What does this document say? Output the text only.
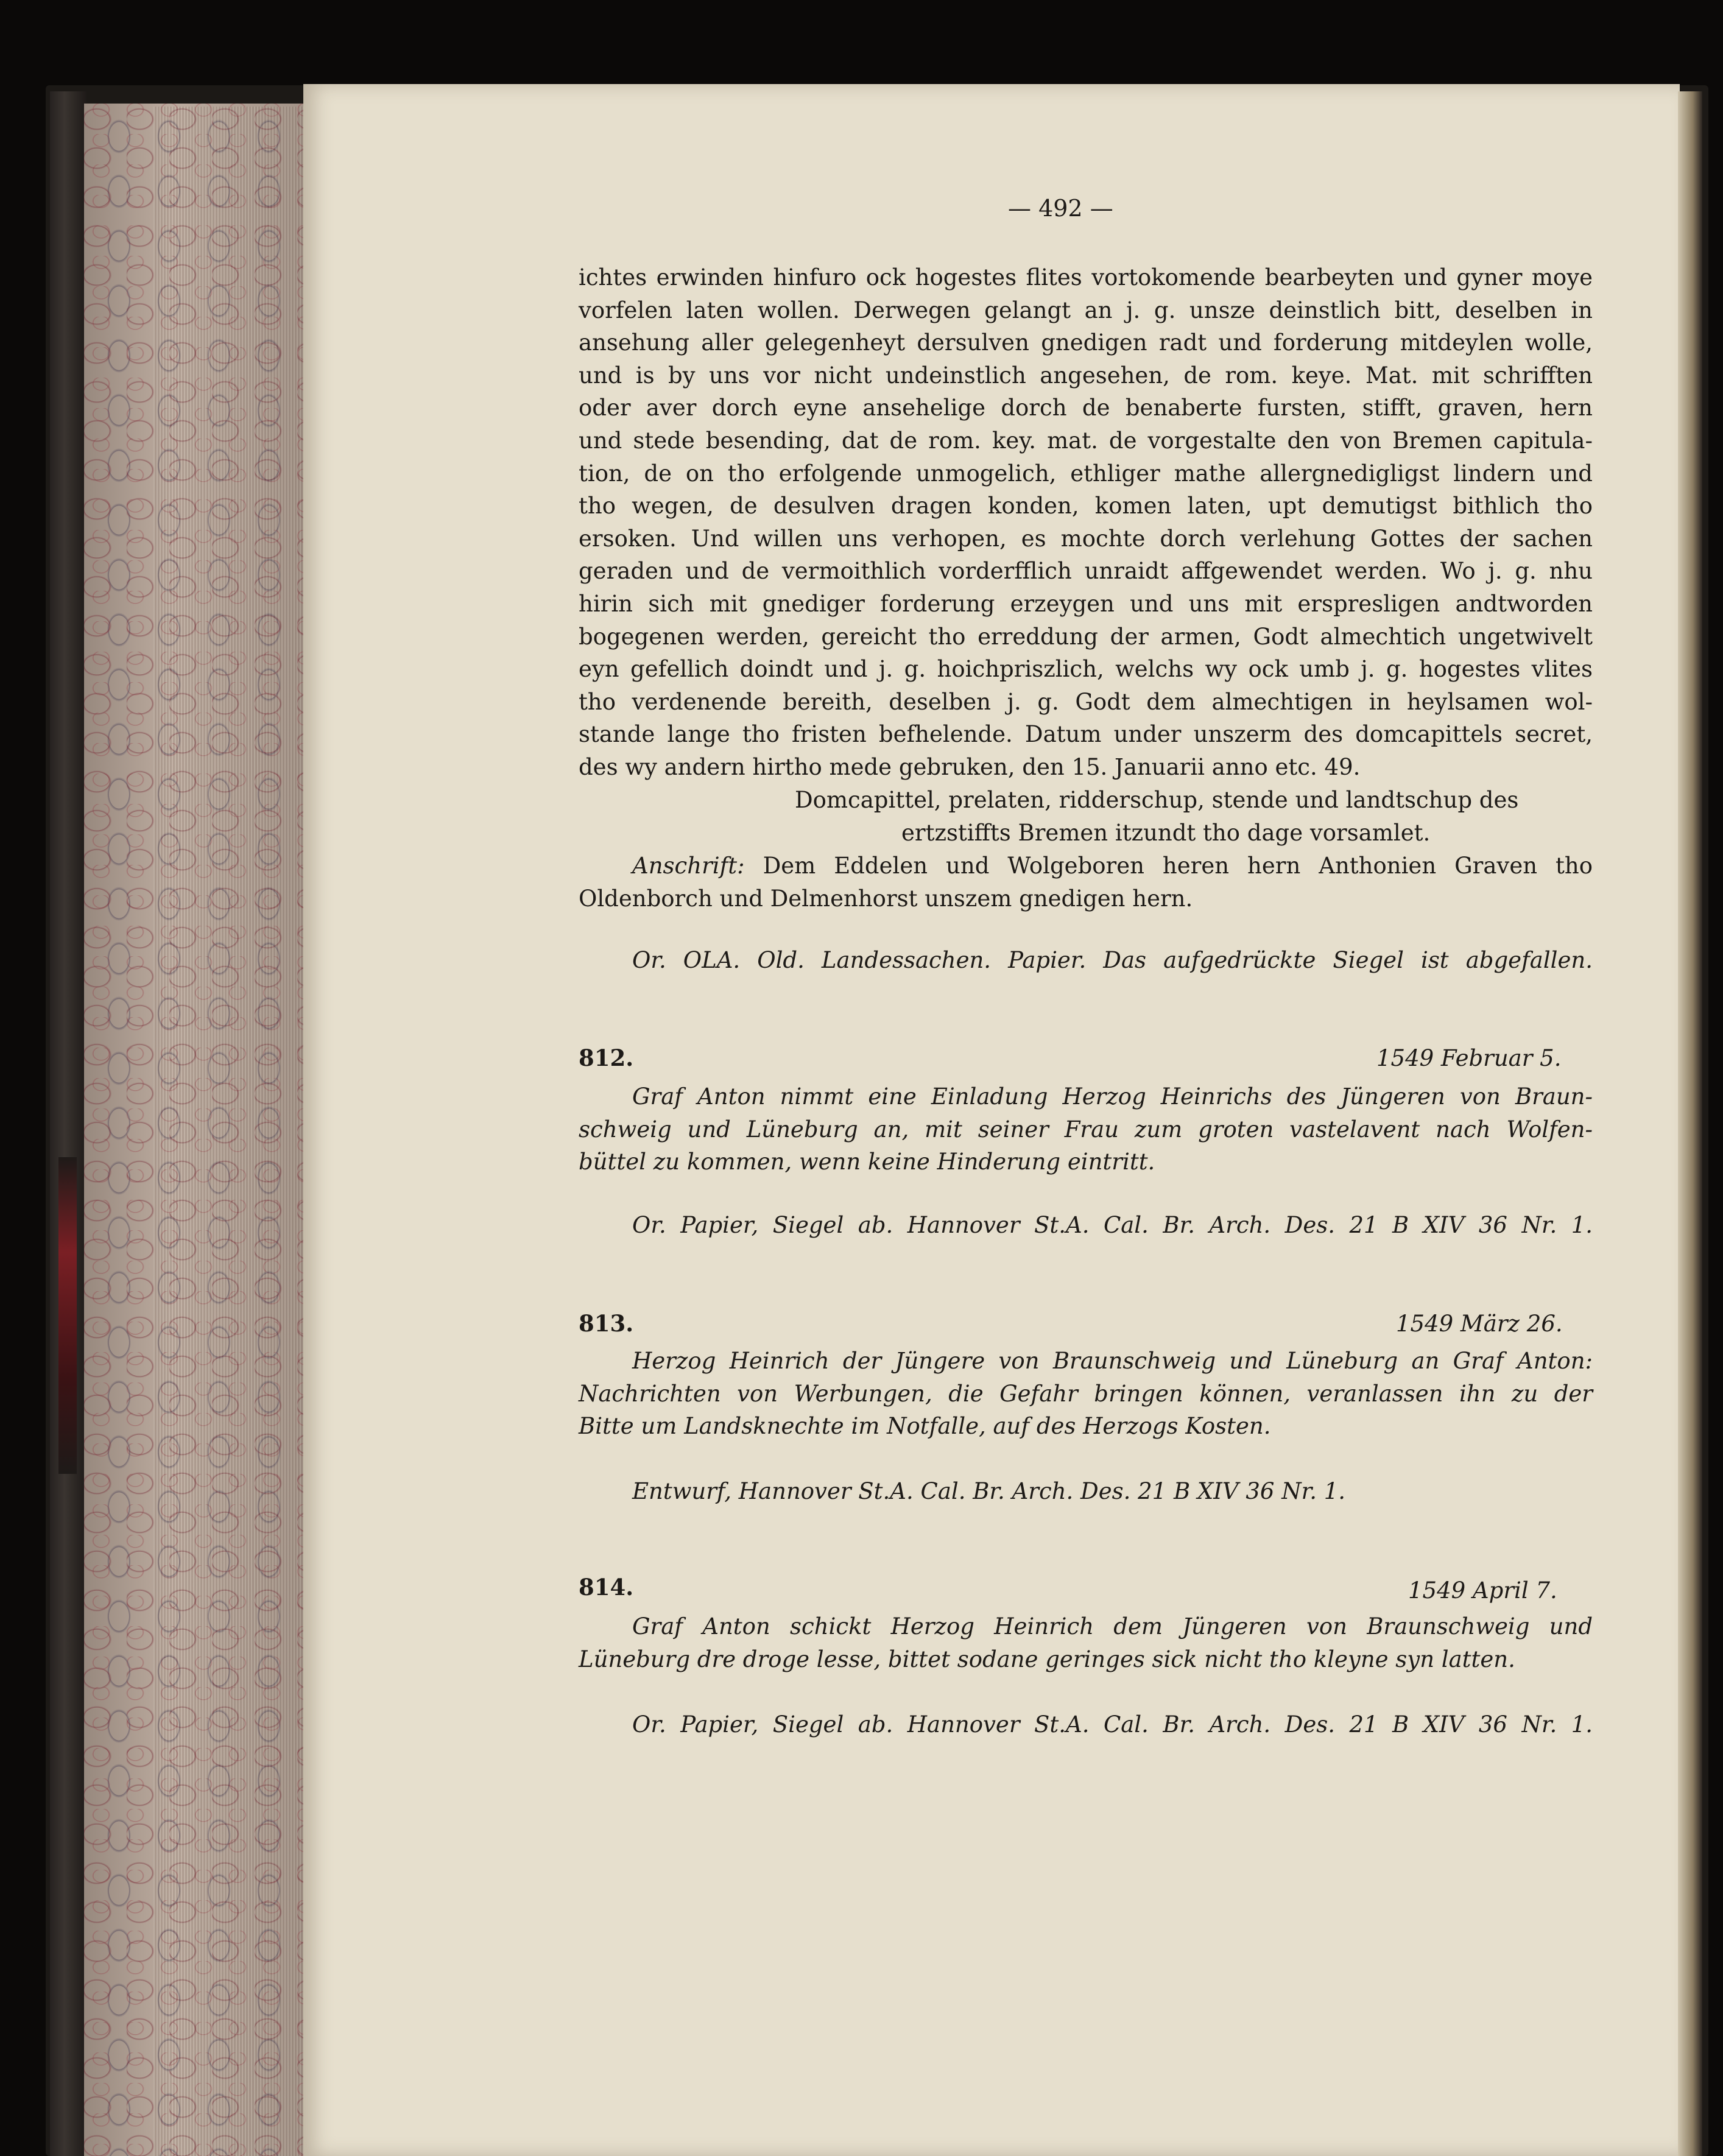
— 492 —
ichtes erwinden hinfuro ock hogestes flites vortokomende bearbeyten und gyner moye
vorfelen laten wollen. Derwegen gelangt an j. g. unsze deinstlich bitt, deselben in
ansehung aller gelegenheyt dersulven gnedigen radt und forderung mitdeylen wolle,
und is by uns vor nicht undeinstlich angesehen, de rom. keye. Mat. mit schrifften
oder aver dorch eyne ansehelige dorch de benaberte fursten, stifft, graven, hern
und stede besending, dat de rom. key. mat. de vorgestalte den von Bremen capitula-
tion, de on tho erfolgende unmogelich, ethliger mathe allergnedigligst lindern und
tho wegen, de desulven dragen konden, komen laten, upt demutigst bithlich tho
ersoken. Und willen uns verhopen, es mochte dorch verlehung Gottes der sachen
geraden und de vermoithlich vorderfflich unraidt affgewendet werden. Wo j. g. nhu
hirin sich mit gnediger forderung erzeygen und uns mit erspresligen andtworden
bogegenen werden, gereicht tho erreddung der armen, Godt almechtich ungetwivelt
eyn gefellich doindt und j. g. hoichpriszlich, welchs wy ock umb j. g. hogestes vlites
tho verdenende bereith, deselben j. g. Godt dem almechtigen in heylsamen wol-
stande lange tho fristen befhelende. Datum under unszerm des domcapittels secret,
des wy andern hirtho mede gebruken, den 15. Januarii anno etc. 49.
Domcapittel, prelaten, ridderschup, stende und landtschup des
ertzstiffts Bremen itzundt tho dage vorsamlet.
Anschrift: Dem Eddelen und Wolgeboren heren hern Anthonien Graven tho
Oldenborch und Delmenhorst unszem gnedigen hern.
Or. OLA. Old. Landessachen. Papier. Das aufgedrückte Siegel ist abgefallen.
812.	1549 Februar 5.
Graf Anton nimmt eine Einladung Herzog Heinrichs des Jüngeren von Braun-
schweig und Lüneburg an, mit seiner Frau zum groten vastelavent nach Wolfen-
büttel zu kommen, wenn keine Hinderung eintritt.
Or. Papier, Siegel ab. Hannover St.A. Cal. Br. Arch. Des. 21 B XIV 36 Nr. 1.
813.	1549 März 26.
Herzog Heinrich der Jüngere von Braunschweig und Lüneburg an Graf Anton:
Nachrichten von Werbungen, die Gefahr bringen können, veranlassen ihn zu der
Bitte um Landsknechte im Notfalle, auf des Herzogs Kosten.
Entwurf, Hannover St.A. Cal. Br. Arch. Des. 21 B XIV 36 Nr. 1.
814.	1549 April 7.
Graf Anton schickt Herzog Heinrich dem Jüngeren von Braunschweig und
Lüneburg dre droge lesse, bittet sodane geringes sick nicht tho kleyne syn latten.
Or. Papier, Siegel ab. Hannover St.A. Cal. Br. Arch. Des. 21 B XIV 36 Nr. 1.
